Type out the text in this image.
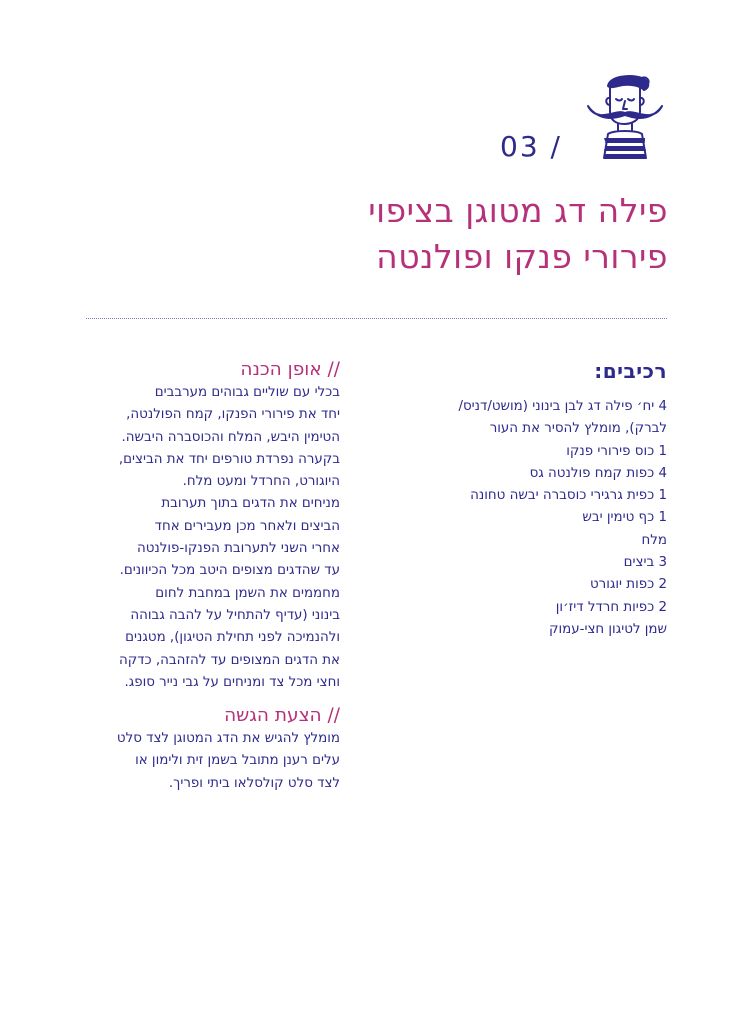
03 /
פילה דג מטוגן בציפוי
פירורי פנקו ופולנטה
רכיבים:
4 יח׳ פילה דג לבן בינוני (מושט/דניס/
לברק), מומלץ להסיר את העור
1 כוס פירורי פנקו
4 כפות קמח פולנטה גס
1 כפית גרגירי כוסברה יבשה טחונה
1 כף טימין יבש
מלח
3 ביצים
2 כפות יוגורט
2 כפיות חרדל דיז׳ון
שמן לטיגון חצי-עמוק
// אופן הכנה
בכלי עם שוליים גבוהים מערבבים
יחד את פירורי הפנקו, קמח הפולנטה,
הטימין היבש, המלח והכוסברה היבשה.
בקערה נפרדת טורפים יחד את הביצים,
היוגורט, החרדל ומעט מלח.
מניחים את הדגים בתוך תערובת
הביצים ולאחר מכן מעבירים אחד
אחרי השני לתערובת הפנקו-פולנטה
עד שהדגים מצופים היטב מכל הכיוונים.
מחממים את השמן במחבת לחום
בינוני (עדיף להתחיל על להבה גבוהה
ולהנמיכה לפני תחילת הטיגון), מטגנים
את הדגים המצופים עד להזהבה, כדקה
וחצי מכל צד ומניחים על גבי נייר סופג.
// הצעת הגשה
מומלץ להגיש את הדג המטוגן לצד סלט
עלים רענן מתובל בשמן זית ולימון או
לצד סלט קולסלאו ביתי ופריך.
